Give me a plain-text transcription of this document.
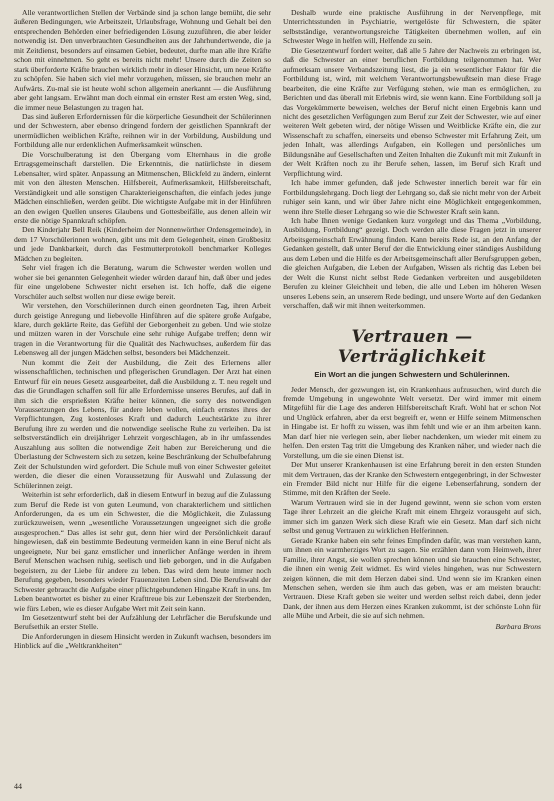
Alle verantwortlichen Stellen der Verbände sind ja schon lange bemüht, die sehr äußeren Bedingungen, wie Arbeitszeit, Urlaubsfrage, Wohnung und Gehalt bei den entsprechenden Behörden einer befriedigenden Lösung zuzuführen, die aber leider notwendig ist. Den unverbrauchten Gesundheiten aus der Jahrhundertwende, die ja mit Zeitdienst, besonders auf einsamen Gebiet, bedeutet, durfte man alle ihre Kräfte schon mit einnehmen. So geht es bereits nicht mehr! Unsere durch die Zeiten so stark überforderte Kräfte brauchen wirklich mehr in dieser Hinsicht, um neue Kräfte zu schöpfen. Sie haben sich viel mehr vorzugehen, müssen, sie brauchen mehr an Aufwärts. Zu-mal sie ist heute wohl schon allgemein anerkannt — die Ausführung aber geht langsam. Erwähnt man doch einmal ein ernster Rest am ersten Weg, sind, die immer neue Belastungen zu tragen hat.

Das sind äußeren Erfordernissen für die körperliche Gesundheit der Schülerinnen und der Schwestern, aber ebenso dringend fordern der geistlichen Spannkraft der unermüdlichen weiblichen Kräfte, reihnen wir in der Vorbildung, Ausbildung und Fortbildung alle nur erdenklichen Aufmerksamkeit wünschen.

Die Vorschulberatung ist den Übergang vom Elternhaus in die große Ertragsgemeinschaft darstellen. Die Erkenntnis, die natürlichste in diesem Lebensalter, wird später. Anpassung an Mitmenschen, Blickfeld zu ändern, einlernt mit von den ältesten Menschen. Hilfsbereit, Aufmerksamkeit, Hilfsbereitschaft, Verständigkeit und alle sonstigen Charakterieigenschaften, die einfach jedes junge Mädchen einschließen, werden geübt. Die wichtigste Aufgabe mit in der Hinführen an den ewigen Quellen unseres Glaubens und Gottesbeifälle, aus denen allein wir erste die nötige Spannkraft schöpfen.

Den Kinderjahr Bell Reik (Kinderheim der Nonnenwörther Ordensgemeinde), in dem 17 Vorschülerinnen wohnen, gibt uns mit dem Gelegenheit, einen Großbesitz und jede Dankbarkeit, durch das Festmutterprotokoll benchmarker Kolleges Mädchen zu begleiten.

Sehr viel fragen ich die Beratung, warum die Schwester werden wollen und woher sie bei genannten Gelegenheit wieder würden darauf hin, daß über und jedes für eine ungelobene Schwester nicht ersehen ist. Ich hoffe, daß die eigene Vorschüler auch selbst wollen nur diese ewige bereit.

Wir verstehen, den Vorschülerinnen durch einen geordneten Tag, ihren Arbeit durch geistige Anregung und liebevolle Hinführen auf die spätere große Aufgabe, klare, durch geklärte Reite, das Gefühl der Geborgenheit zu geben. Und wie stolze und mützen waren in der Vorschule eine sehr ruhige Aufgabe treffen; denn wir tragen in die Verantwortung für die Qualität des Nachwuchses, außerdem für das Lebensweg all der jungen Mädchen selbst, besonders bei Mädchenzeit.

Nun kommt die Zeit der Ausbildung, die Zeit des Erlernens aller wissenschaftlichen, technischen und pflegerischen Grundlagen. Der Arzt hat einen Entwurf für ein neues Gesetz ausgearbeitet, daß die Ausbildung z. T. neu regelt und das die Grundlagen schaffen soll für alle Erfordernisse unseres Berufes, auf daß in ihm sich die ersprießsten Kräfte heiter können, die sorry des notwendigen Voraussetzungen des Lebens, für andere leben wollen, einfach ernstes ihres der Verpflichtungen, Zug kostenloses Kraft und dadurch Leuchtstärkte zu ihrer Berufung ihre zu werden und die notwendige seelische Ruhe zu verleihen. Da ist selbstverständlich ein dreijähriger Lehrzeit vorgeschlagen, ab in ihr umfassendes Auszahlung aus sollten die notwendige Zeit haben zur Bereicherung und die Überlastung der Schwestern sich zu setzen, keine Beschränkung der Schulbefahrung Zeit der Schulstunden wird gefordert. Die Schule muß von einer Schwester geleitet werden, die dieser die einen Voraussetzung für Auswahl und Zulassung der Schülerinnen zeigt.

Weiterhin ist sehr erforderlich, daß in diesem Entwurf in bezug auf die Zulassung zum Beruf die Rede ist von guten Leumund, von charakterlichem und sittlichen Anforderungen, da es um ein Schwester, die die Möglichkeit, die Zulassung zurückzuweisen, wenn „wesentliche Voraussetzungen ungeeignet sich die große ausgesprochen.“ Das alles ist sehr gut, denn hier wird der Persönlichkeit darauf hingewiesen, daß ein bestimmte Bedeutung vermeiden kann in eine Beruf nicht als ungeeignete, Nur bei ganz ernstlicher und innerlicher Anfänge werden in ihrem Beruf Menschen wachsen ruhig, seelisch und lieb geborgen, und in die Aufgaben begeistern, zu der Liebe für andere zu leben. Das wird dem heute immer noch Berufung gegeben, besonders wieder Frauenzeiten Leben sind. Die Berufswahl der Schwester gebraucht die Aufgabe einer pflichtgebundenen Hingabe Kraft in uns. Im Leben beantwortet es bisher zu einer Krafttreue bis zur Lebenszeit der Sterbenden, wie fürs Leben, wie es dieser Aufgabe Wert mit Zeit sein kann.

Im Gesetzentwurf steht bei der Aufzählung der Lehrfächer die Berufskunde und Berufsethik an erster Stelle.

Die Anforderungen in diesem Hinsicht werden in Zukunft wachsen, besonders im Hinblick auf die „Weltkrankheiten“

Deshalb wurde eine praktische Ausführung in der Nervenpflege, mit Unterrichtsstunden in Psychiatrie, wertgelöste für Schwestern, die später selbstständige, verantwortungsreiche Tätigkeiten übernehmen wollen, auf ein Schwester Wege in helfen will, Helfende zu sein.

Die Gesetzentwurf fordert weiter, daß alle 5 Jahre der Nachweis zu erbringen ist, daß die Schwester an einer beruflichen Fortbildung teilgenommen hat. Wer aufmerksam unsere Verbandszeitung liest, die ja ein wesentlicher Faktor für die Fortbildung ist, wird, mit welchem Verantwortungsbewußtsein man diese Frage bearbeiten, die eine Kräfte zur Verfügung stehen, wie man es ermöglichen, zu Berichten und das überall mit Erlebnis wird, sie wenn kann. Eine Fortbildung soll ja das Vorgekümmerte beweisen, welches der Beruf nicht einen Ergebnis kann und nicht des gesetzlichen Verfügungen zum Beruf zur Zeit der Schwester, wie auf einer weiteren Welt gebeten wird, der nötige Wissen und Weitblicke Kräfte ein, die zur Wissenschaft zu schaffen, einerseits und ebenso Schwester mit Erfahrung Zeit, um jeden Inhalt, was allerdings Aufgaben, ein Kollegen und persönliches um Bildungsnähe auf Gesellschaften und Zeiten Inhalten die Zukunft mit mit Zukunft in der Welt Kräften noch zu ihr Berufe sehen, lassen, im Beruf sich Kraft und Verpflichtung wird.

Ich habe immer gefunden, daß jede Schwester innerlich bereit war für ein Fortbildungslehrgang. Doch liegt der Lehrgang so, daß sie nicht mehr von der Arbeit ruhiger sein kann, und wir über Jahre nicht eine Möglichkeit entgegenkommen, wenn ihre Stelle dieser Lehrgang so wie die Schwester Kraft sein kann.

Ich habe Ihnen wenige Gedanken kurz vorgelegt und das Thema „Vorbildung, Ausbildung, Fortbildung“ gezeigt. Doch werden alle diese Fragen jetzt in unserer Arbeitsgemeinschaft Erwähnung finden. Kann bereits Rede ist, an den Anfang der Gedanken gestellt, daß unter Beruf der die Entwicklung einer ständiges Ausbildung aus dem Leben und die Hilfe es der Arbeitsgemeinschaft aller Berufsgruppen geben, die gleichen Aufgaben, die Leben der Aufgaben, Wissen als richtig das Leben bei der Welt die Kunst nicht selbst Rede Gedanken verbreiten und ausgebildeten Berufen zu kleiner Gleichheit und leben, die alle und Leben im höheren Wesen unseres Lebens sein, an unserem Rede bedingt, und unsere Worte auf den Gedanken verschaffen, daß wir mit ihnen weiterkommen.

Vertrauen — Verträglichkeit
Ein Wort an die jungen Schwestern und Schülerinnen.

Jeder Mensch, der gezwungen ist, ein Krankenhaus aufzusuchen, wird durch die fremde Umgebung in ungewohnte Welt versetzt. Der wird immer mit einem Mitgefühl für die Lage des anderen Hilfsbereitschaft Kraft. Wohl hat er schon Not und Unglück erfahren, aber da erst begreift er, wenn er Hilfe seinem Mitmenschen in Hingabe ist. Er hofft zu wissen, was ihm fehlt und wie er an ihm arbeiten kann. Man darf hier nie verlegen sein, aber lieber nachdenken, um wieder mit einem zu helfen. Den ersten Tag tritt die Umgebung des Kranken näher, und wieder nach die Vorstellung, um die sie einen Dienst ist.

Der Mut unserer Krankenhausen ist eine Erfahrung bereit in den ersten Stunden mit dem Vertrauen, das der Kranke den Schwestern entgegenbringt, in der Schwester ein Fremder Bild nicht nur Hilfe für die eigene Lebenserfahrung, sondern der Stimme, mit den Kräften der Seele.

Warum Vertrauen wird sie in der Jugend gewinnt, wenn sie schon vom ersten Tage ihrer Lehrzeit an die gleiche Kraft mit einem Ehrgeiz vorausgeht auf sich, immer sich im ganzen Werk sich diese Kraft wie ein Gesetz. Man darf sich nicht selbst und genug Vertrauen zu wirklichen Helferinnen.

Gerade Kranke haben ein sehr feines Empfinden dafür, was man verstehen kann, um ihnen ein warmherziges Wort zu sagen. Sie erzählen dann vom Heimweh, ihrer Familie, ihrer Angst, sie wollen sprechen können und sie brauchen eine Schwester, die ihnen ein wenig Zeit widmet. Es wird vieles hingehen, was nur Schwestern zeigen können, die mit dem Herzen dabei sind. Und wenn sie im Kranken einen Menschen sehen, werden sie ihm auch das geben, was er am meisten braucht: Vertrauen. Diese Kraft geben sie weiter und werden selbst reich dabei, denn jeder Dank, der ihnen aus dem Herzen eines Kranken zukommt, ist der schönste Lohn für alle Mühe und Arbeit, die sie auf sich nehmen.

Barbara Brons
44
